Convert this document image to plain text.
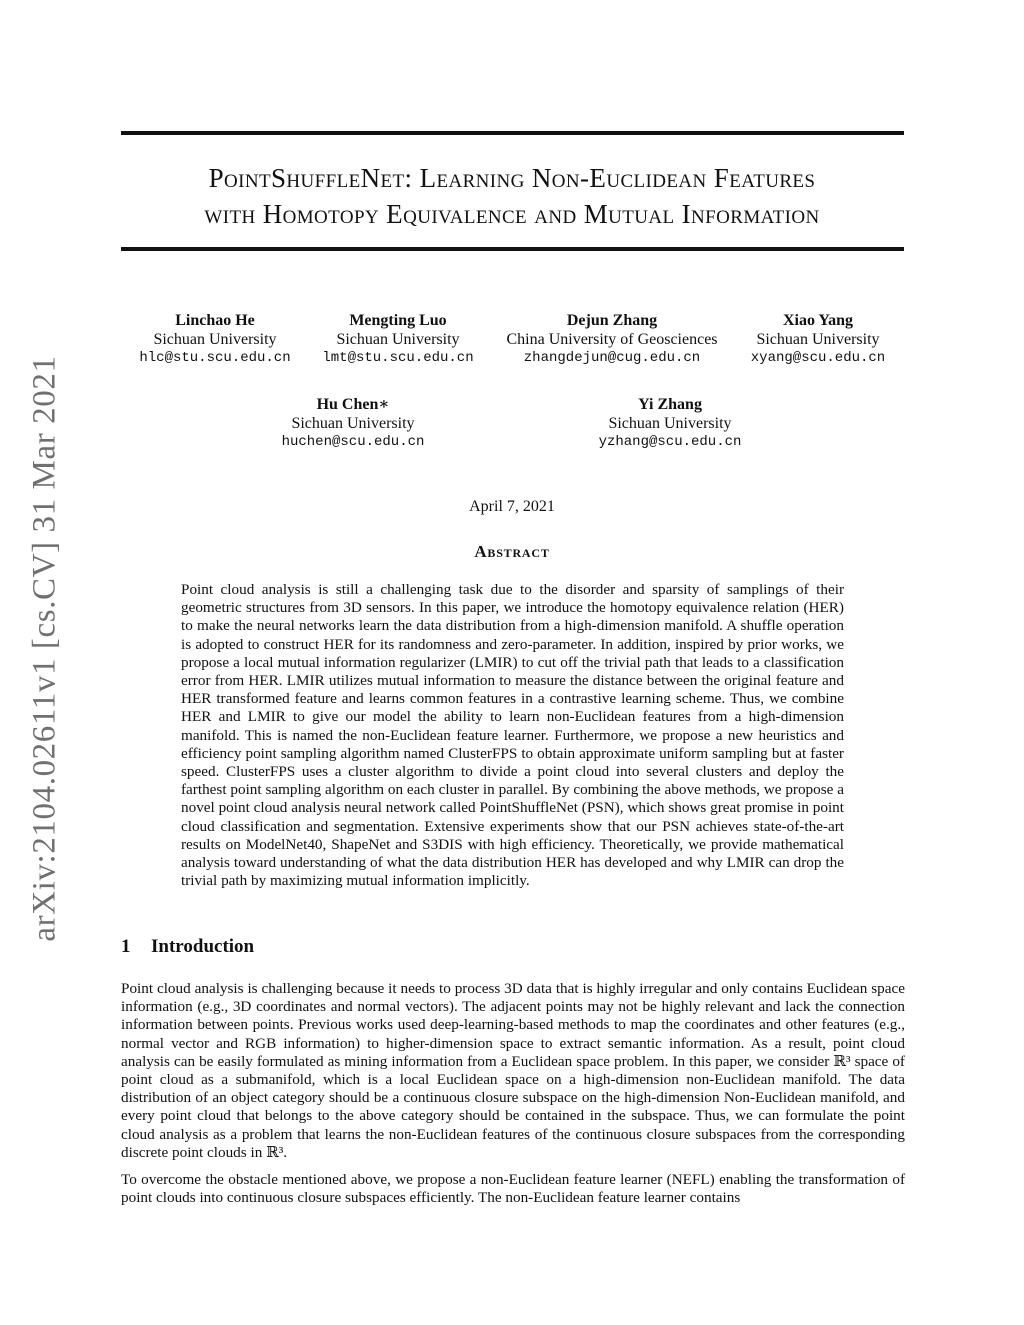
arXiv:2104.02611v1 [cs.CV] 31 Mar 2021
PointShuffleNet: Learning Non-Euclidean Features
with Homotopy Equivalence and Mutual Information
Linchao He
Sichuan University
hlc@stu.scu.edu.cn
Mengting Luo
Sichuan University
lmt@stu.scu.edu.cn
Dejun Zhang
China University of Geosciences
zhangdejun@cug.edu.cn
Xiao Yang
Sichuan University
xyang@scu.edu.cn
Hu Chen∗
Sichuan University
huchen@scu.edu.cn
Yi Zhang
Sichuan University
yzhang@scu.edu.cn
April 7, 2021
Abstract
Point cloud analysis is still a challenging task due to the disorder and sparsity of samplings of their geometric structures from 3D sensors. In this paper, we introduce the homotopy equivalence relation (HER) to make the neural networks learn the data distribution from a high-dimension manifold. A shuffle operation is adopted to construct HER for its randomness and zero-parameter. In addition, inspired by prior works, we propose a local mutual information regularizer (LMIR) to cut off the trivial path that leads to a classification error from HER. LMIR utilizes mutual information to measure the distance between the original feature and HER transformed feature and learns common features in a contrastive learning scheme. Thus, we combine HER and LMIR to give our model the ability to learn non-Euclidean features from a high-dimension manifold. This is named the non-Euclidean feature learner. Furthermore, we propose a new heuristics and efficiency point sampling algorithm named ClusterFPS to obtain approximate uniform sampling but at faster speed. ClusterFPS uses a cluster algorithm to divide a point cloud into several clusters and deploy the farthest point sampling algorithm on each cluster in parallel. By combining the above methods, we propose a novel point cloud analysis neural network called PointShuffleNet (PSN), which shows great promise in point cloud classification and segmentation. Extensive experiments show that our PSN achieves state-of-the-art results on ModelNet40, ShapeNet and S3DIS with high efficiency. Theoretically, we provide mathematical analysis toward understanding of what the data distribution HER has developed and why LMIR can drop the trivial path by maximizing mutual information implicitly.
1 Introduction
Point cloud analysis is challenging because it needs to process 3D data that is highly irregular and only contains Euclidean space information (e.g., 3D coordinates and normal vectors). The adjacent points may not be highly relevant and lack the connection information between points. Previous works used deep-learning-based methods to map the coordinates and other features (e.g., normal vector and RGB information) to higher-dimension space to extract semantic information. As a result, point cloud analysis can be easily formulated as mining information from a Euclidean space problem. In this paper, we consider ℝ³ space of point cloud as a submanifold, which is a local Euclidean space on a high-dimension non-Euclidean manifold. The data distribution of an object category should be a continuous closure subspace on the high-dimension Non-Euclidean manifold, and every point cloud that belongs to the above category should be contained in the subspace. Thus, we can formulate the point cloud analysis as a problem that learns the non-Euclidean features of the continuous closure subspaces from the corresponding discrete point clouds in ℝ³.
To overcome the obstacle mentioned above, we propose a non-Euclidean feature learner (NEFL) enabling the transformation of point clouds into continuous closure subspaces efficiently. The non-Euclidean feature learner contains
